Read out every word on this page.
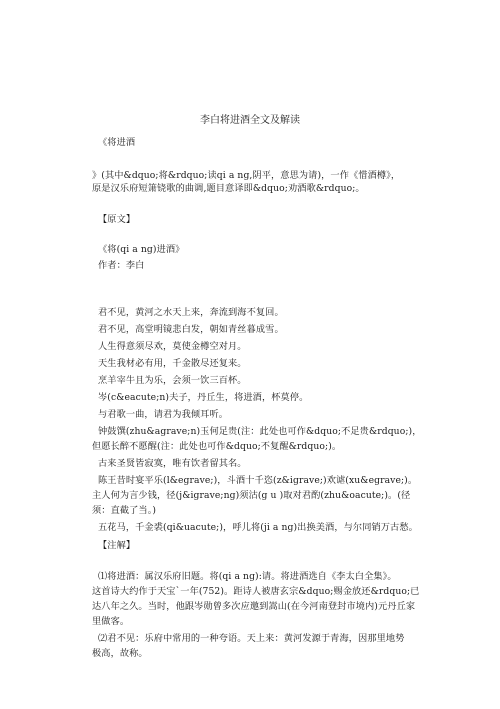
李白将进酒全文及解读
《将进酒
》(其中&dquo;将&rdquo;读qi a ng,阴平，意思为请)，一作《惜酒樽》，
原是汉乐府短箫铙歌的曲调,题目意译即&dquo;劝酒歌&rdquo;。
【原文】
《将(qi a ng)进酒》
作者：李白
君不见，黄河之水天上来，奔流到海不复回。
君不见，高堂明镜悲白发，朝如青丝暮成雪。
人生得意须尽欢，莫使金樽空对月。
天生我材必有用，千金散尽还复来。
烹羊宰牛且为乐，会须一饮三百杯。
岑(c&eacute;n)夫子，丹丘生，将进酒，杯莫停。
与君歌一曲，请君为我倾耳听。
钟鼓馔(zhu&agrave;n)玉何足贵(注：此处也可作&dquo;不足贵&rdquo;)，
但愿长醉不愿醒(注：此处也可作&dquo;不复醒&rdquo;)。
古来圣贤皆寂寞，唯有饮者留其名。
陈王昔时宴平乐(l&egrave;)，斗酒十千恣(z&igrave;)欢谑(xu&egrave;)。
主人何为言少钱，径(j&igrave;ng)须沽(g u )取对君酌(zhu&oacute;)。(径
须：直截了当。)
五花马，千金裘(qi&uacute;)，呼儿将(ji a ng)出换美酒，与尔同销万古愁。
【注解】
⑴将进酒：属汉乐府旧题。将(qi a ng):请。将进酒选自《李太白全集》。
这首诗大约作于天宝`一年(752)。距诗人被唐玄宗&dquo;赐金放还&rdquo;已
达八年之久。当时，他跟岑勋曾多次应邀到嵩山(在今河南登封市境内)元丹丘家
里做客。
⑵君不见：乐府中常用的一种夸语。天上来：黄河发源于青海，因那里地势
极高，故称。
